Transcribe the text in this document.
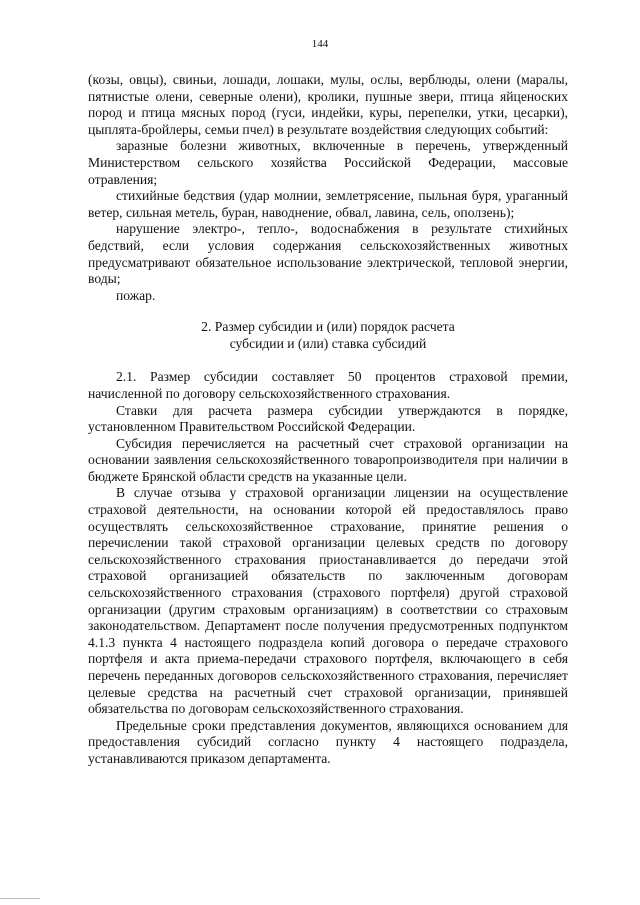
144

(козы, овцы), свиньи, лошади, лошаки, мулы, ослы, верблюды, олени (маралы, пятнистые олени, северные олени), кролики, пушные звери, птица яйценоских пород и птица мясных пород (гуси, индейки, куры, перепелки, утки, цесарки), цыплята-бройлеры, семьи пчел) в результате воздействия следующих событий:

заразные болезни животных, включенные в перечень, утвержденный Министерством сельского хозяйства Российской Федерации, массовые отравления;

стихийные бедствия (удар молнии, землетрясение, пыльная буря, ураганный ветер, сильная метель, буран, наводнение, обвал, лавина, сель, оползень);

нарушение электро-, тепло-, водоснабжения в результате стихийных бедствий, если условия содержания сельскохозяйственных животных предусматривают обязательное использование электрической, тепловой энергии, воды;

пожар.

2. Размер субсидии и (или) порядок расчета
субсидии и (или) ставка субсидий

2.1. Размер субсидии составляет 50 процентов страховой премии, начисленной по договору сельскохозяйственного страхования.

Ставки для расчета размера субсидии утверждаются в порядке, установленном Правительством Российской Федерации.

Субсидия перечисляется на расчетный счет страховой организации на основании заявления сельскохозяйственного товаропроизводителя при наличии в бюджете Брянской области средств на указанные цели.

В случае отзыва у страховой организации лицензии на осуществление страховой деятельности, на основании которой ей предоставлялось право осуществлять сельскохозяйственное страхование, принятие решения о перечислении такой страховой организации целевых средств по договору сельскохозяйственного страхования приостанавливается до передачи этой страховой организацией обязательств по заключенным договорам сельскохозяйственного страхования (страхового портфеля) другой страховой организации (другим страховым организациям) в соответствии со страховым законодательством. Департамент после получения предусмотренных подпунктом 4.1.3 пункта 4 настоящего подраздела копий договора о передаче страхового портфеля и акта приема-передачи страхового портфеля, включающего в себя перечень переданных договоров сельскохозяйственного страхования, перечисляет целевые средства на расчетный счет страховой организации, принявшей обязательства по договорам сельскохозяйственного страхования.

Предельные сроки представления документов, являющихся основанием для предоставления субсидий согласно пункту 4 настоящего подраздела, устанавливаются приказом департамента.
